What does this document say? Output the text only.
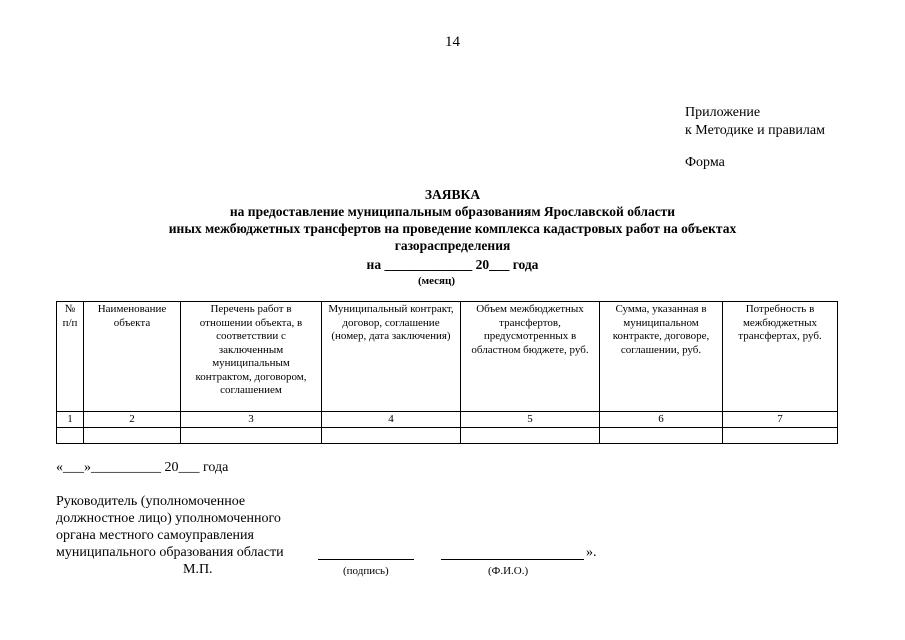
14
Приложение
к Методике и правилам
Форма
ЗАЯВКА
на предоставление муниципальным образованиям Ярославской области
иных межбюджетных трансфертов на проведение комплекса кадастровых работ на объектах
газораспределения
на _____________ 20___ года
(месяц)
№ п/п	Наименование объекта	Перечень работ в отношении объекта, в соответствии с заключенным муниципальным контрактом, договором, соглашением	Муниципальный контракт, договор, соглашение (номер, дата заключения)	Объем межбюджетных трансфертов, предусмотренных в областном бюджете, руб.	Сумма, указанная в муниципальном контракте, договоре, соглашении, руб.	Потребность в межбюджетных трансфертах, руб.
1	2	3	4	5	6	7

«___»__________ 20___ года
Руководитель (уполномоченное
должностное лицо) уполномоченного
органа местного самоуправления
муниципального образования области	».
М.П.	(подпись)	(Ф.И.О.)
